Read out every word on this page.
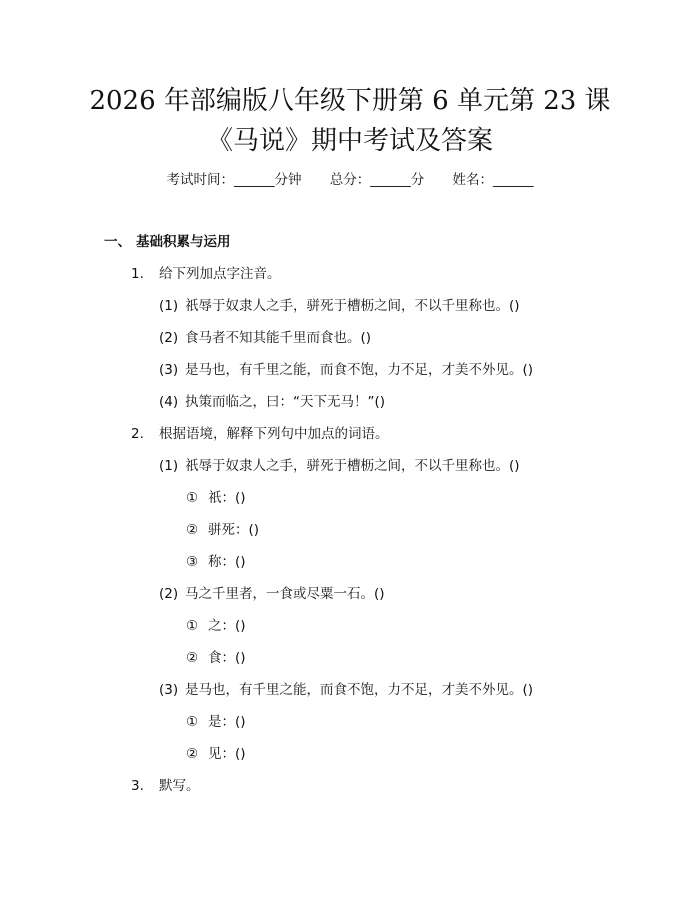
2026 年部编版八年级下册第 6 单元第 23 课
《马说》期中考试及答案
考试时间：______分钟 总分：______分 姓名：______
一、 基础积累与运用
1. 给下列加点字注音。
(1) 祇辱于奴隶人之手，骈死于槽枥之间，不以千里称也。()
(2) 食马者不知其能千里而食也。()
(3) 是马也，有千里之能，而食不饱，力不足，才美不外见。()
(4) 执策而临之，曰：“天下无马！”()
2. 根据语境，解释下列句中加点的词语。
(1) 祇辱于奴隶人之手，骈死于槽枥之间，不以千里称也。()
① 祇：()
② 骈死：()
③ 称：()
(2) 马之千里者，一食或尽粟一石。()
① 之：()
② 食：()
(3) 是马也，有千里之能，而食不饱，力不足，才美不外见。()
① 是：()
② 见：()
3. 默写。
